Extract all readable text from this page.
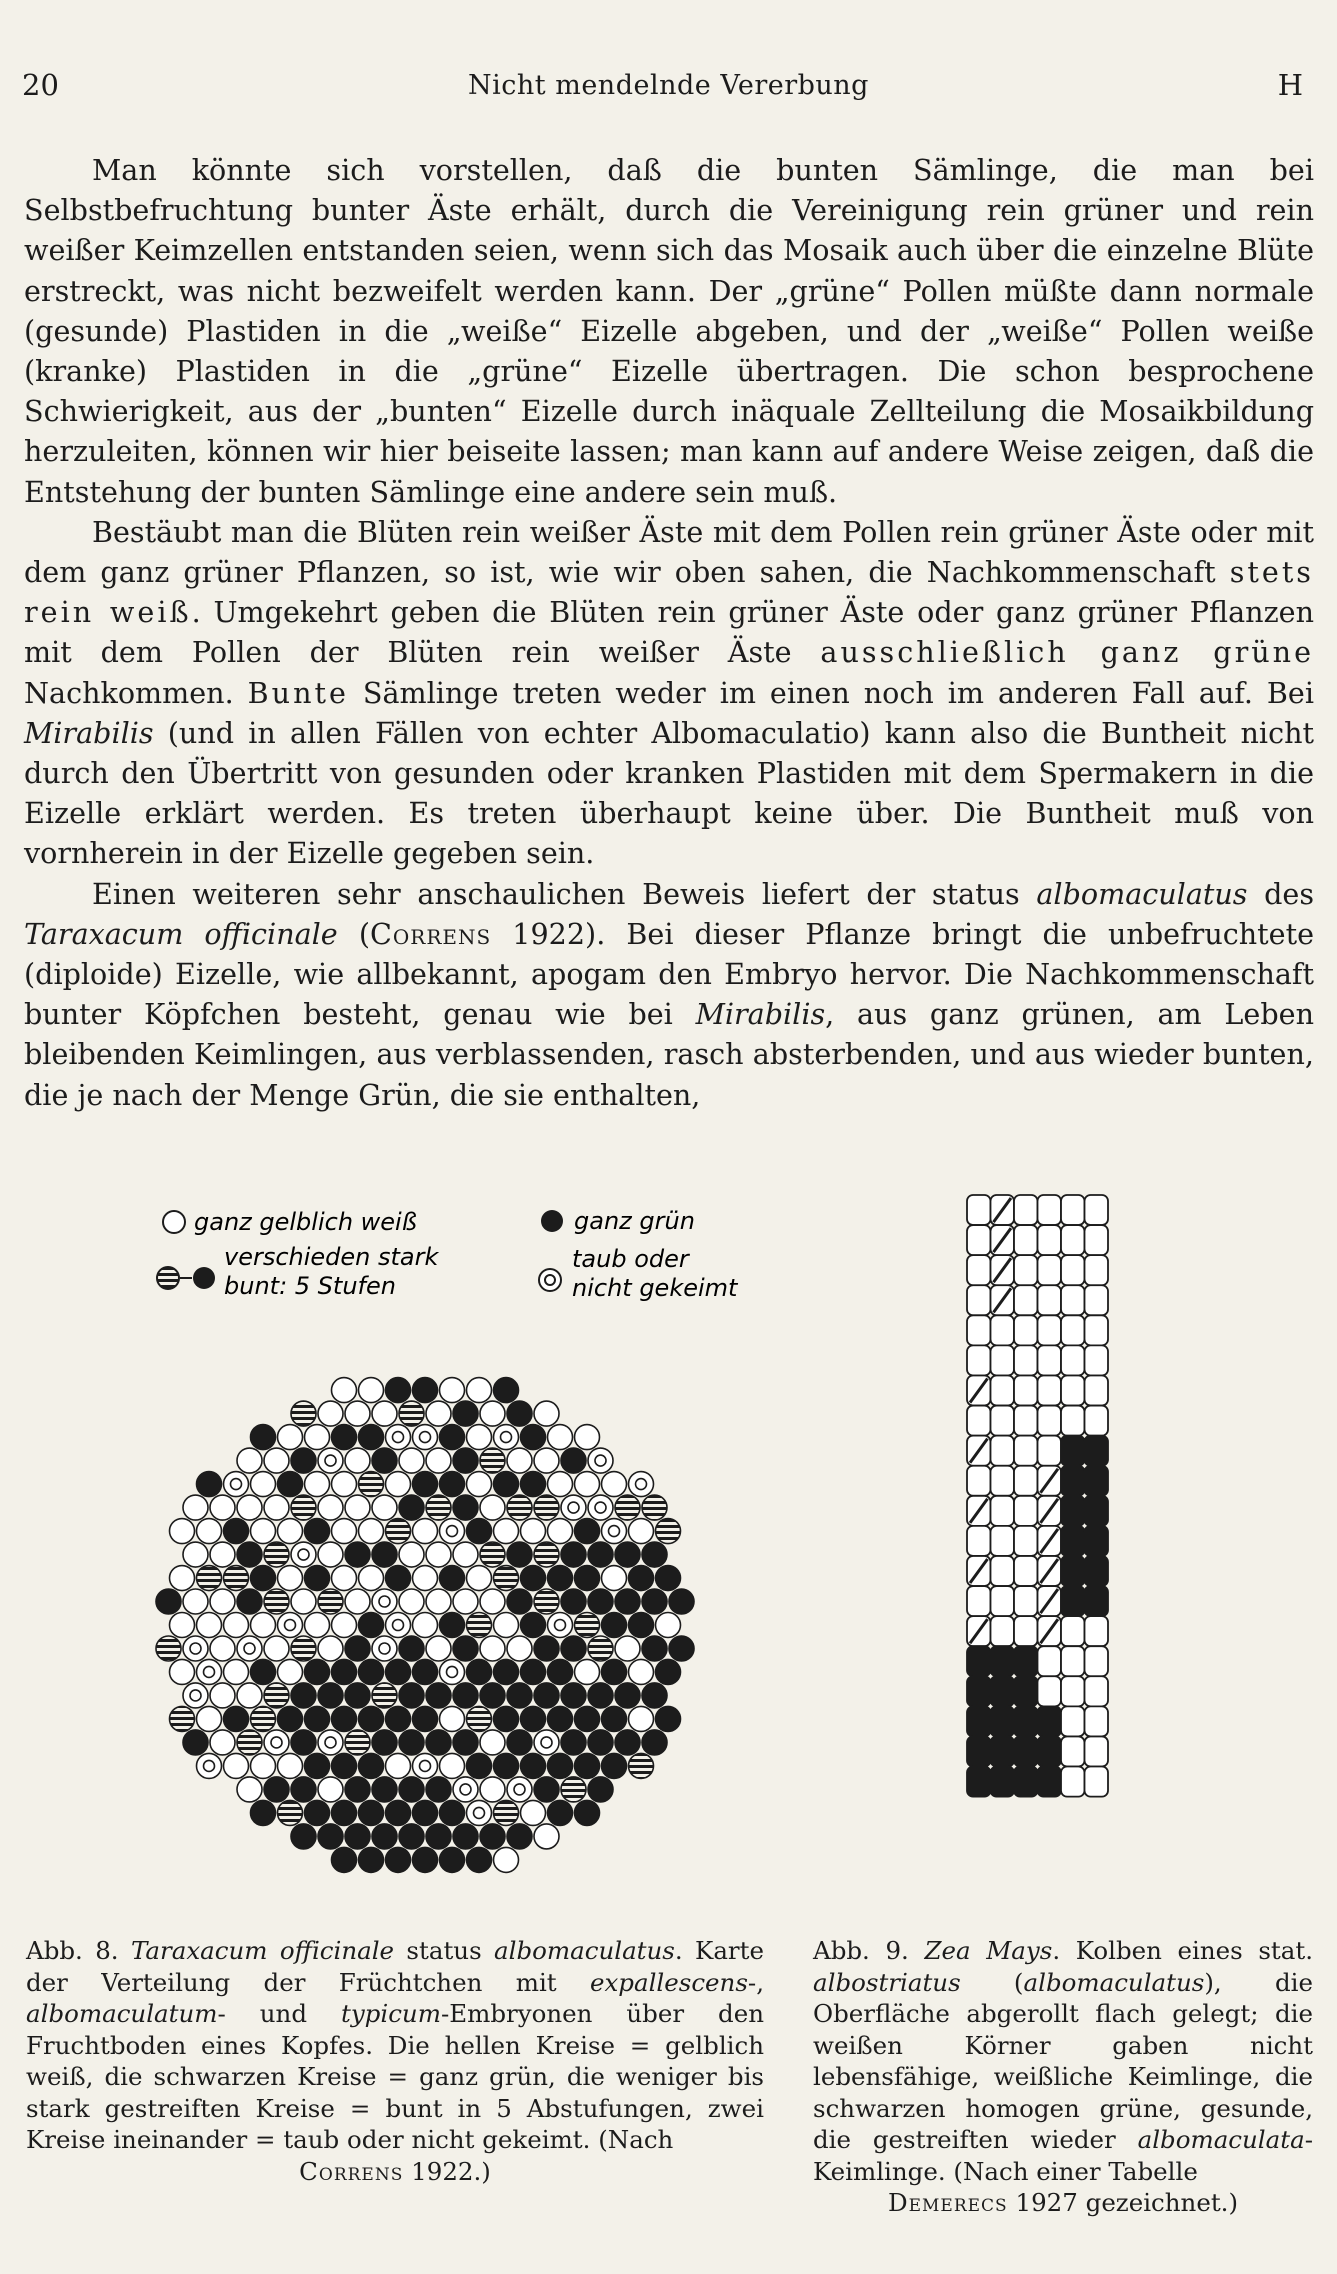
20	Nicht mendelnde Vererbung	H

Man könnte sich vorstellen, daß die bunten Sämlinge, die man bei Selbstbefruchtung bunter Äste erhält, durch die Vereinigung rein grüner und rein weißer Keimzellen entstanden seien, wenn sich das Mosaik auch über die einzelne Blüte erstreckt, was nicht bezweifelt werden kann. Der „grüne“ Pollen müßte dann normale (gesunde) Plastiden in die „weiße“ Eizelle abgeben, und der „weiße“ Pollen weiße (kranke) Plastiden in die „grüne“ Eizelle übertragen. Die schon besprochene Schwierigkeit, aus der „bunten“ Eizelle durch inäquale Zellteilung die Mosaikbildung herzuleiten, können wir hier beiseite lassen; man kann auf andere Weise zeigen, daß die Entstehung der bunten Sämlinge eine andere sein muß.

Bestäubt man die Blüten rein weißer Äste mit dem Pollen rein grüner Äste oder mit dem ganz grüner Pflanzen, so ist, wie wir oben sahen, die Nachkommenschaft stets rein weiß. Umgekehrt geben die Blüten rein grüner Äste oder ganz grüner Pflanzen mit dem Pollen der Blüten rein weißer Äste ausschließlich ganz grüne Nachkommen. Bunte Sämlinge treten weder im einen noch im anderen Fall auf. Bei Mirabilis (und in allen Fällen von echter Albomaculatio) kann also die Buntheit nicht durch den Übertritt von gesunden oder kranken Plastiden mit dem Spermakern in die Eizelle erklärt werden. Es treten überhaupt keine über. Die Buntheit muß von vornherein in der Eizelle gegeben sein.

Einen weiteren sehr anschaulichen Beweis liefert der status albomaculatus des Taraxacum officinale (Correns 1922). Bei dieser Pflanze bringt die unbefruchtete (diploide) Eizelle, wie allbekannt, apogam den Embryo hervor. Die Nachkommenschaft bunter Köpfchen besteht, genau wie bei Mirabilis, aus ganz grünen, am Leben bleibenden Keimlingen, aus verblassenden, rasch absterbenden, und aus wieder bunten, die je nach der Menge Grün, die sie enthalten,

ganz gelblich weiß	ganz grün
verschieden stark
bunt: 5 Stufen
taub oder
nicht gekeimt
Abb. 8. Taraxacum officinale status albomaculatus. Karte der Verteilung der Früchtchen mit expallescens-, albomaculatum- und typicum-Embryonen über den Fruchtboden eines Kopfes. Die hellen Kreise = gelblich weiß, die schwarzen Kreise = ganz grün, die weniger bis stark gestreiften Kreise = bunt in 5 Abstufungen, zwei Kreise ineinander = taub oder nicht gekeimt. (Nach
Correns 1922.)
Abb. 9. Zea Mays. Kolben eines stat. albostriatus (albomaculatus), die Oberfläche abgerollt flach gelegt; die weißen Körner gaben nicht lebensfähige, weißliche Keimlinge, die schwarzen homogen grüne, gesunde, die gestreiften wieder albomaculata-Keimlinge. (Nach einer Tabelle
Demerecs 1927 gezeichnet.)
